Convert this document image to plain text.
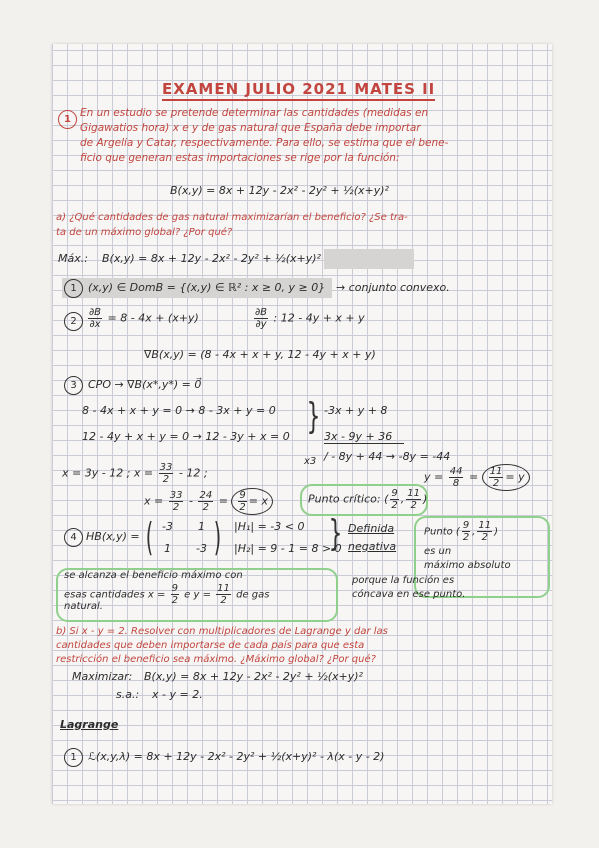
EXAMEN JULIO 2021 MATES II
1
En un estudio se pretende determinar las cantidades (medidas en
Gigawatios hora) x e y de gas natural que España debe importar
de Argelia y Catar, respectivamente. Para ello, se estima que el bene-
ficio que generan estas importaciones se rige por la función:
B(x,y) = 8x + 12y - 2x² - 2y² + ½(x+y)²
a) ¿Qué cantidades de gas natural maximizarían el beneficio? ¿Se tra-
ta de un máximo global? ¿Por qué?
Máx.: B(x,y) = 8x + 12y - 2x² - 2y² + ½(x+y)²
1	(x,y) ∈ DomB = {(x,y) ∈ ℝ² : x ≥ 0, y ≥ 0} → conjunto convexo.
2	$\frac{\partial B}{\partial x} = 8 - 4x + (x+y)$	$\frac{\partial B}{\partial y}$ : 12 - 4y + x + y
∇B(x,y) = (8 - 4x + x + y, 12 - 4y + x + y)
3	CPO → ∇B(x*,y*) = 0⃗
8 - 4x + x + y = 0 → 8 - 3x + y = 0
12 - 4y + x + y = 0 → 12 - 3y + x = 0 } -3x + y + 8
3x - 9y + 36
x3 / - 8y + 44 → -8y = -44
x = 3y - 12 ; $x = \frac{33}{2} - 12$ ;	$y = \frac{44}{8} = \frac{11}{2} = y$
$x = \frac{33}{2} - \frac{24}{2} = \frac{9}{2} = x$	Punto crítico: ( $\frac{9}{2}$ , $\frac{11}{2}$ )
4 HB(x,y) = ( -3 1
1 -3 ) |H₁| = -3 < 0
|H₂| = 9 - 1 = 8 > 0
} Definida
negativa
Punto ( $\frac{9}{2}$ , $\frac{11}{2}$ )
es un
máximo absoluto
porque la función es
cóncava en ese punto.
se alcanza el beneficio máximo con
esas cantidades $x = \frac{9}{2}$ e $y = \frac{11}{2}$ de gas
natural.
b) Si x - y = 2. Resolver con multiplicadores de Lagrange y dar las
cantidades que deben importarse de cada país para que esta
restricción el beneficio sea máximo. ¿Máximo global? ¿Por qué?
Maximizar: B(x,y) = 8x + 12y - 2x² - 2y² + ½(x+y)²
s.a.: x - y = 2.
Lagrange
1	ℒ(x,y,λ) = 8x + 12y - 2x² - 2y² + ½(x+y)² - λ(x - y - 2)
